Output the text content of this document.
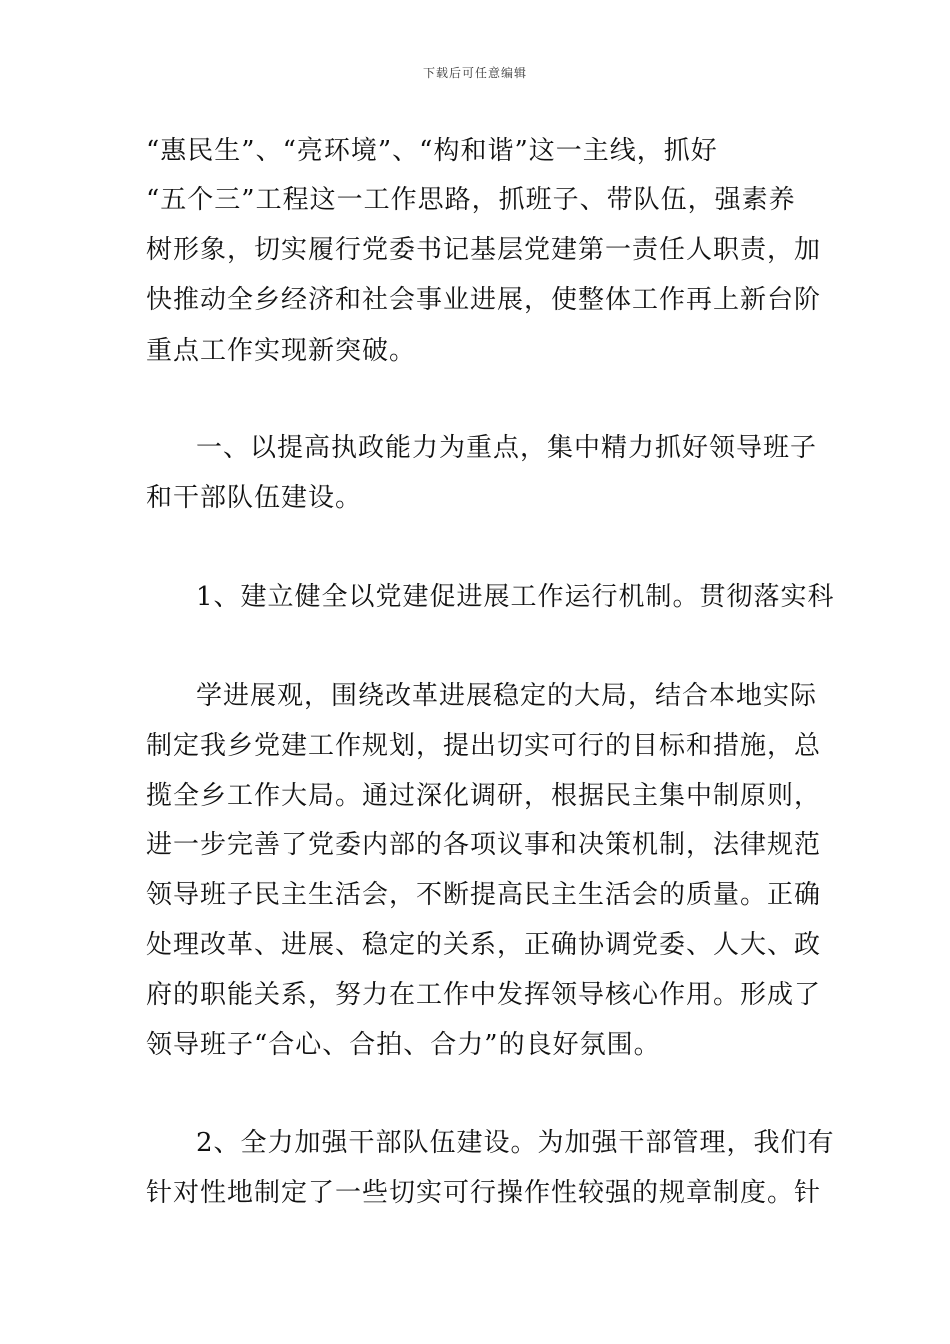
下载后可任意编辑
“惠民生”、“亮环境”、“构和谐”这一主线，抓好
“五个三”工程这一工作思路，抓班子、带队伍，强素养
树形象，切实履行党委书记基层党建第一责任人职责，加
快推动全乡经济和社会事业进展，使整体工作再上新台阶
重点工作实现新突破。
一、以提高执政能力为重点，集中精力抓好领导班子
和干部队伍建设。
1、建立健全以党建促进展工作运行机制。贯彻落实科
学进展观，围绕改革进展稳定的大局，结合本地实际
制定我乡党建工作规划，提出切实可行的目标和措施，总
揽全乡工作大局。通过深化调研，根据民主集中制原则，
进一步完善了党委内部的各项议事和决策机制，法律规范
领导班子民主生活会，不断提高民主生活会的质量。正确
处理改革、进展、稳定的关系，正确协调党委、人大、政
府的职能关系，努力在工作中发挥领导核心作用。形成了
领导班子“合心、合拍、合力”的良好氛围。
2、全力加强干部队伍建设。为加强干部管理，我们有
针对性地制定了一些切实可行操作性较强的规章制度。针
